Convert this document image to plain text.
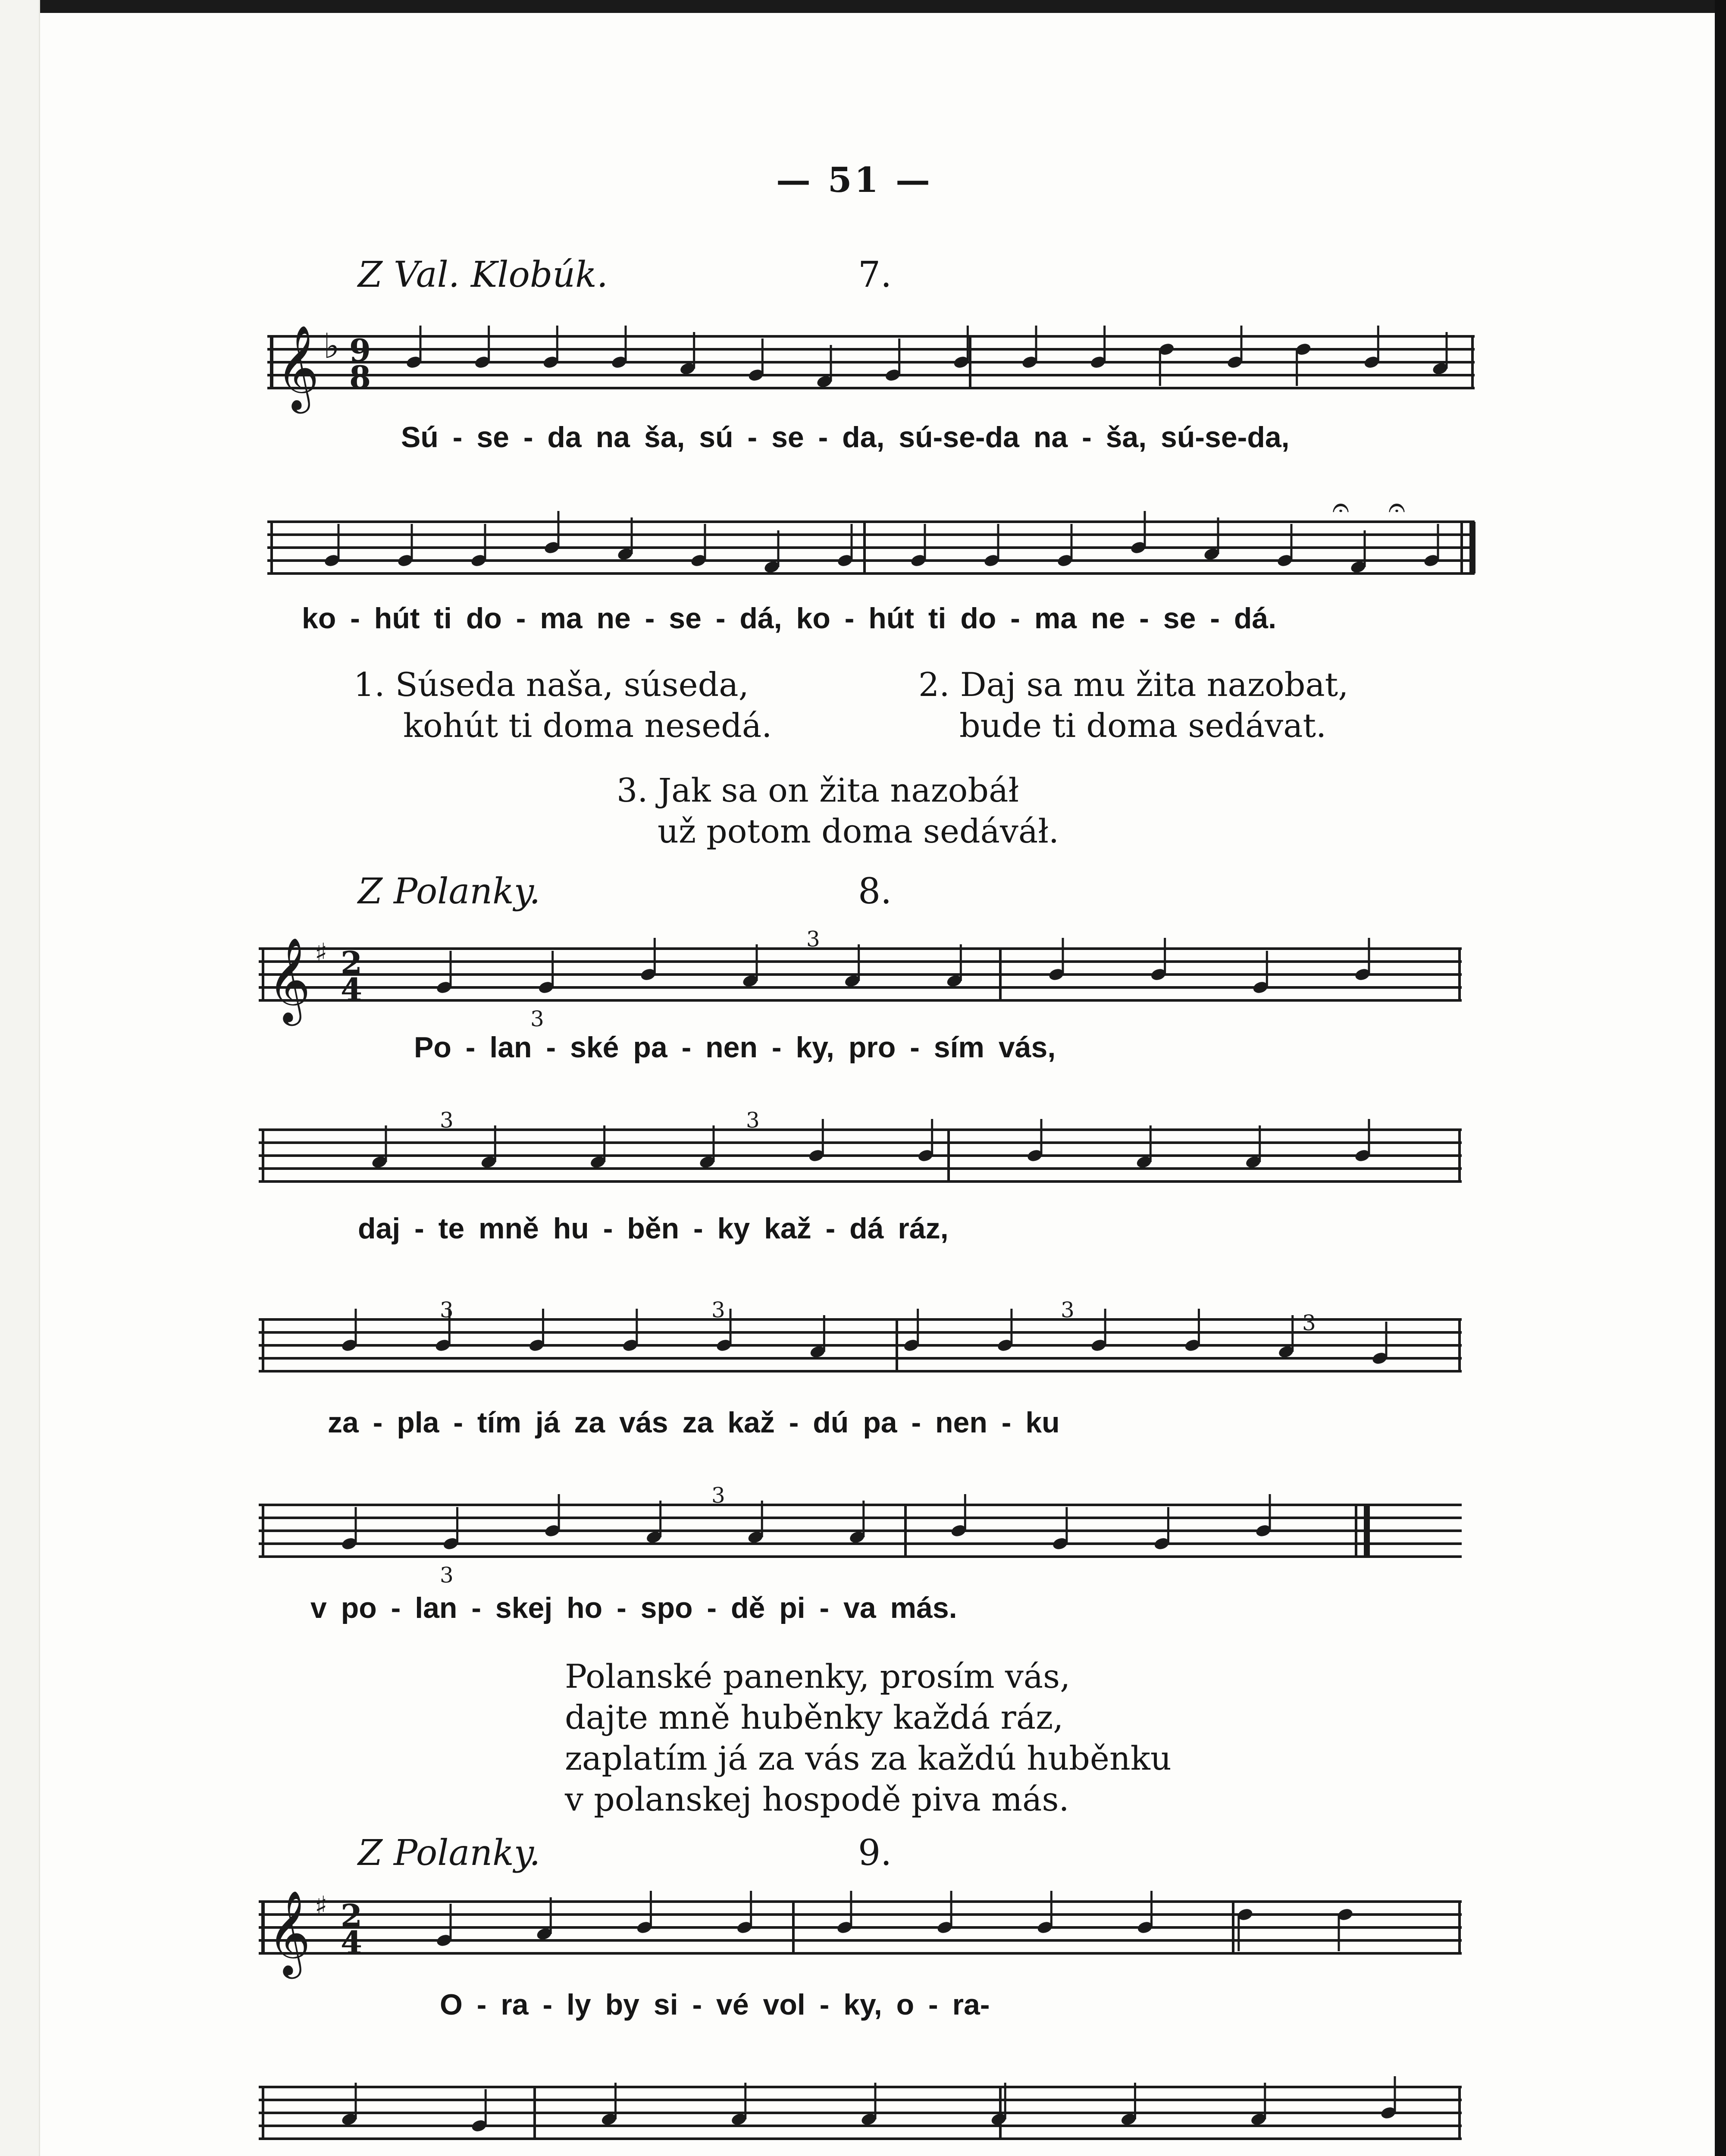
— 51 —
Z Val. Klobúk.	7.
𝄞 ♭ 9
8
Sú - se - da na ša, sú - se - da, sú-se-da na - ša, sú-se-da,
𝄐 𝄐
ko - hút ti do - ma ne - se - dá, ko - hút ti do - ma ne - se - dá.
1. Súseda naša, súseda,
kohút ti doma nesedá.
2. Daj sa mu žita nazobat,
bude ti doma sedávat.
3. Jak sa on žita nazobáł
už potom doma sedáváł.
Z Polanky.	8.
𝄞 ♯ 2
4
3
3
Po - lan - ské pa - nen - ky, pro - sím vás,
3	3
daj - te mně hu - běn - ky kaž - dá ráz,
3	3	3
3
za - pla - tím já za vás za kaž - dú pa - nen - ku
3
3
v po - lan - skej ho - spo - dě pi - va más.
Polanské panenky, prosím vás,
dajte mně huběnky každá ráz,
zaplatím já za vás za každú huběnku
v polanskej hospodě piva más.
Z Polanky.	9.
𝄞 ♯ 2
4
O - ra - ly by si - vé vol - ky, o - ra-
